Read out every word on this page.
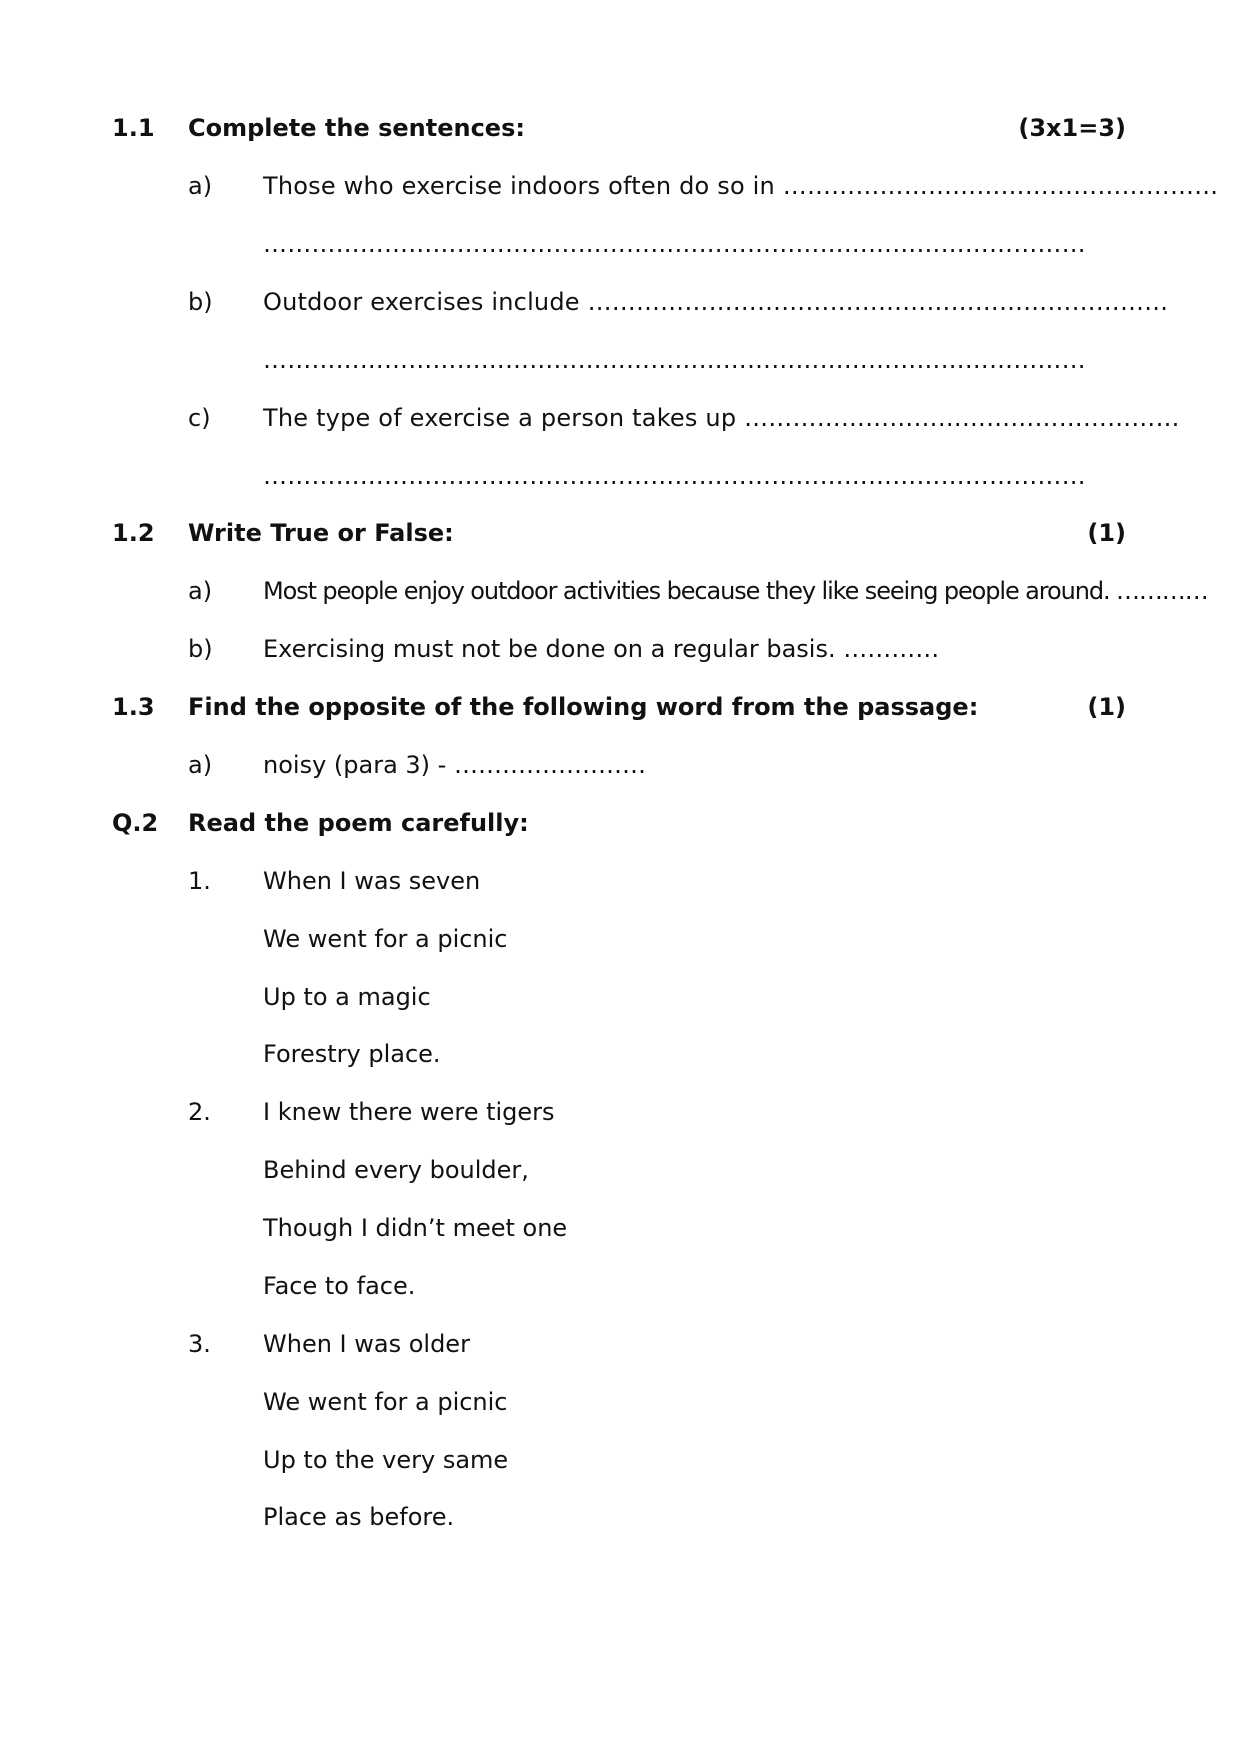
1.1 Complete the sentences:	(3x1=3)
a) Those who exercise indoors often do so in ………………………………………………
…………………………………………………………………………………………
b) Outdoor exercises include ………………………………………………………………
…………………………………………………………………………………………
c) The type of exercise a person takes up ………………………………………………
…………………………………………………………………………………………
1.2 Write True or False:	(1)
a) Most people enjoy outdoor activities because they like seeing people around. …………
b) Exercising must not be done on a regular basis. …………
1.3 Find the opposite of the following word from the passage:	(1)
a) noisy (para 3) - ……………………
Q.2 Read the poem carefully:
1. When I was seven
We went for a picnic
Up to a magic
Forestry place.
2. I knew there were tigers
Behind every boulder,
Though I didn’t meet one
Face to face.
3. When I was older
We went for a picnic
Up to the very same
Place as before.
